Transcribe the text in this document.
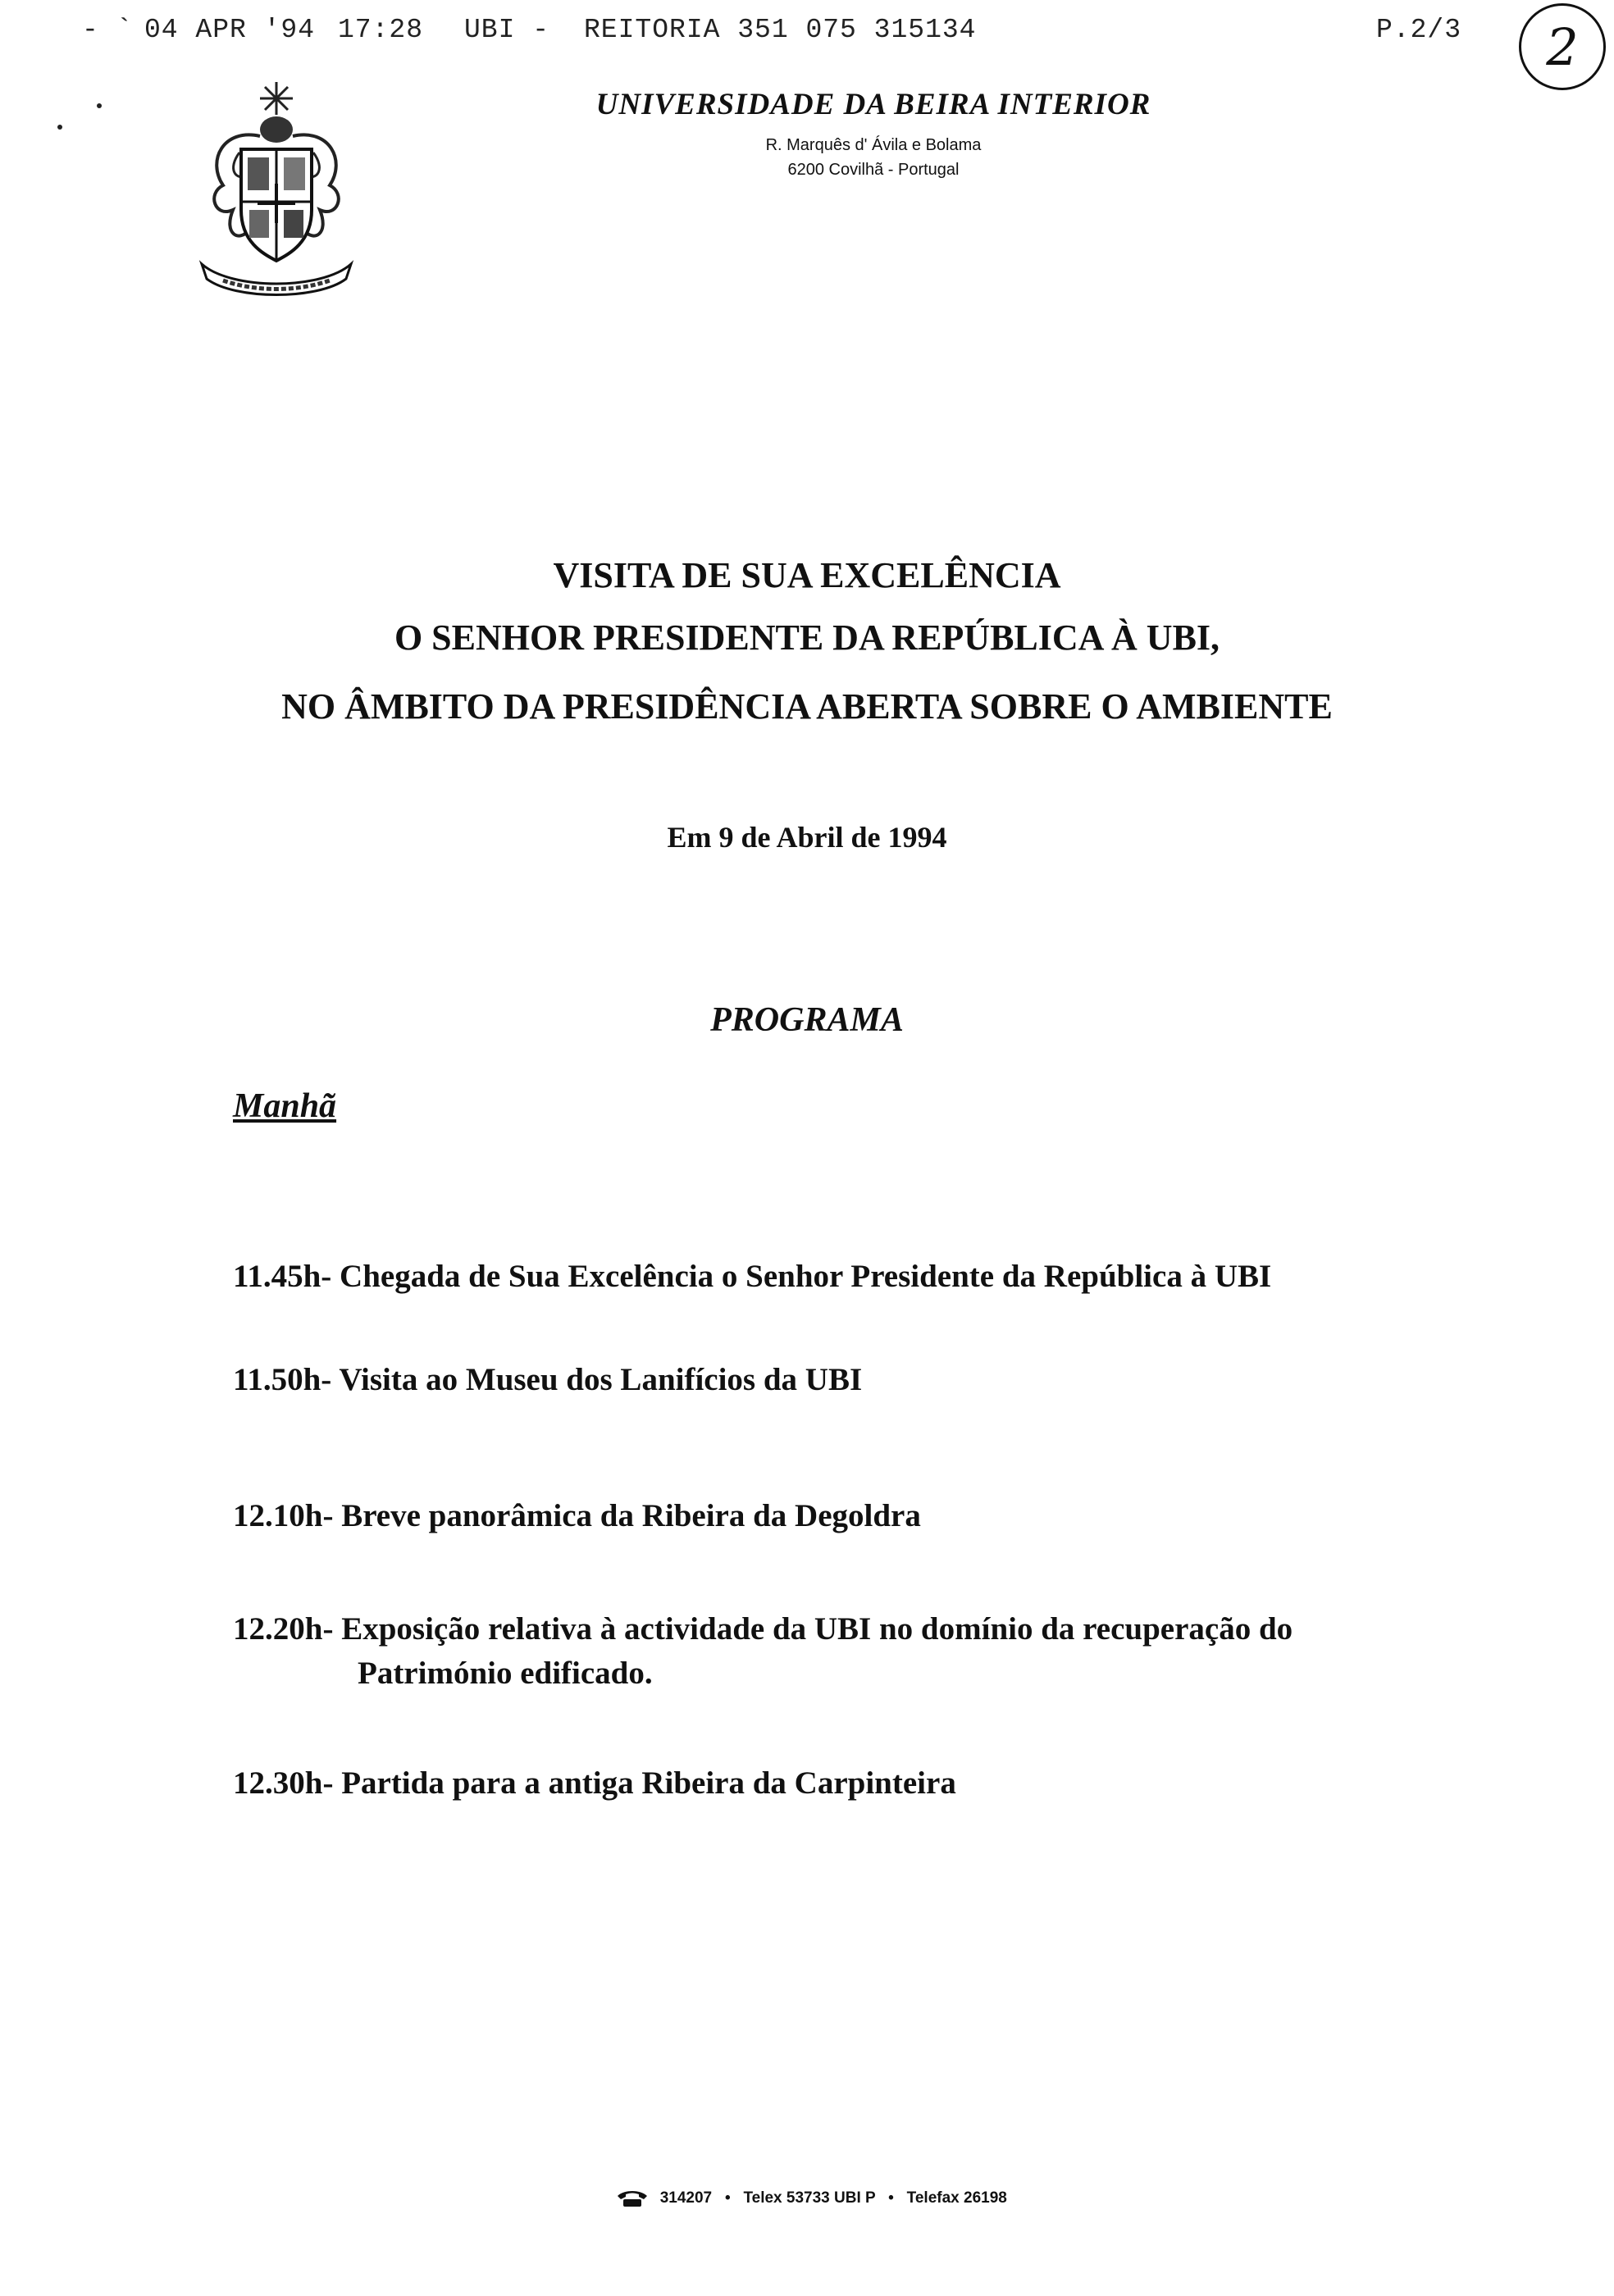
- ` 04 APR '94 17:28 UBI - REITORIA 351 075 315134	P.2/3	2
UNIVERSIDADE DA BEIRA INTERIOR
R. Marquês d' Ávila e Bolama
6200 Covilhã - Portugal
VISITA DE SUA EXCELÊNCIA
O SENHOR PRESIDENTE DA REPÚBLICA À UBI,
NO ÂMBITO DA PRESIDÊNCIA ABERTA SOBRE O AMBIENTE
Em 9 de Abril de 1994
PROGRAMA
Manhã
11.45h- Chegada de Sua Excelência o Senhor Presidente da República à UBI
11.50h- Visita ao Museu dos Lanifícios da UBI
12.10h- Breve panorâmica da Ribeira da Degoldra
12.20h- Exposição relativa à actividade da UBI no domínio da recuperação do
Património edificado.
12.30h- Partida para a antiga Ribeira da Carpinteira

314207   •   Telex 53733 UBI P   •   Telefax 26198
